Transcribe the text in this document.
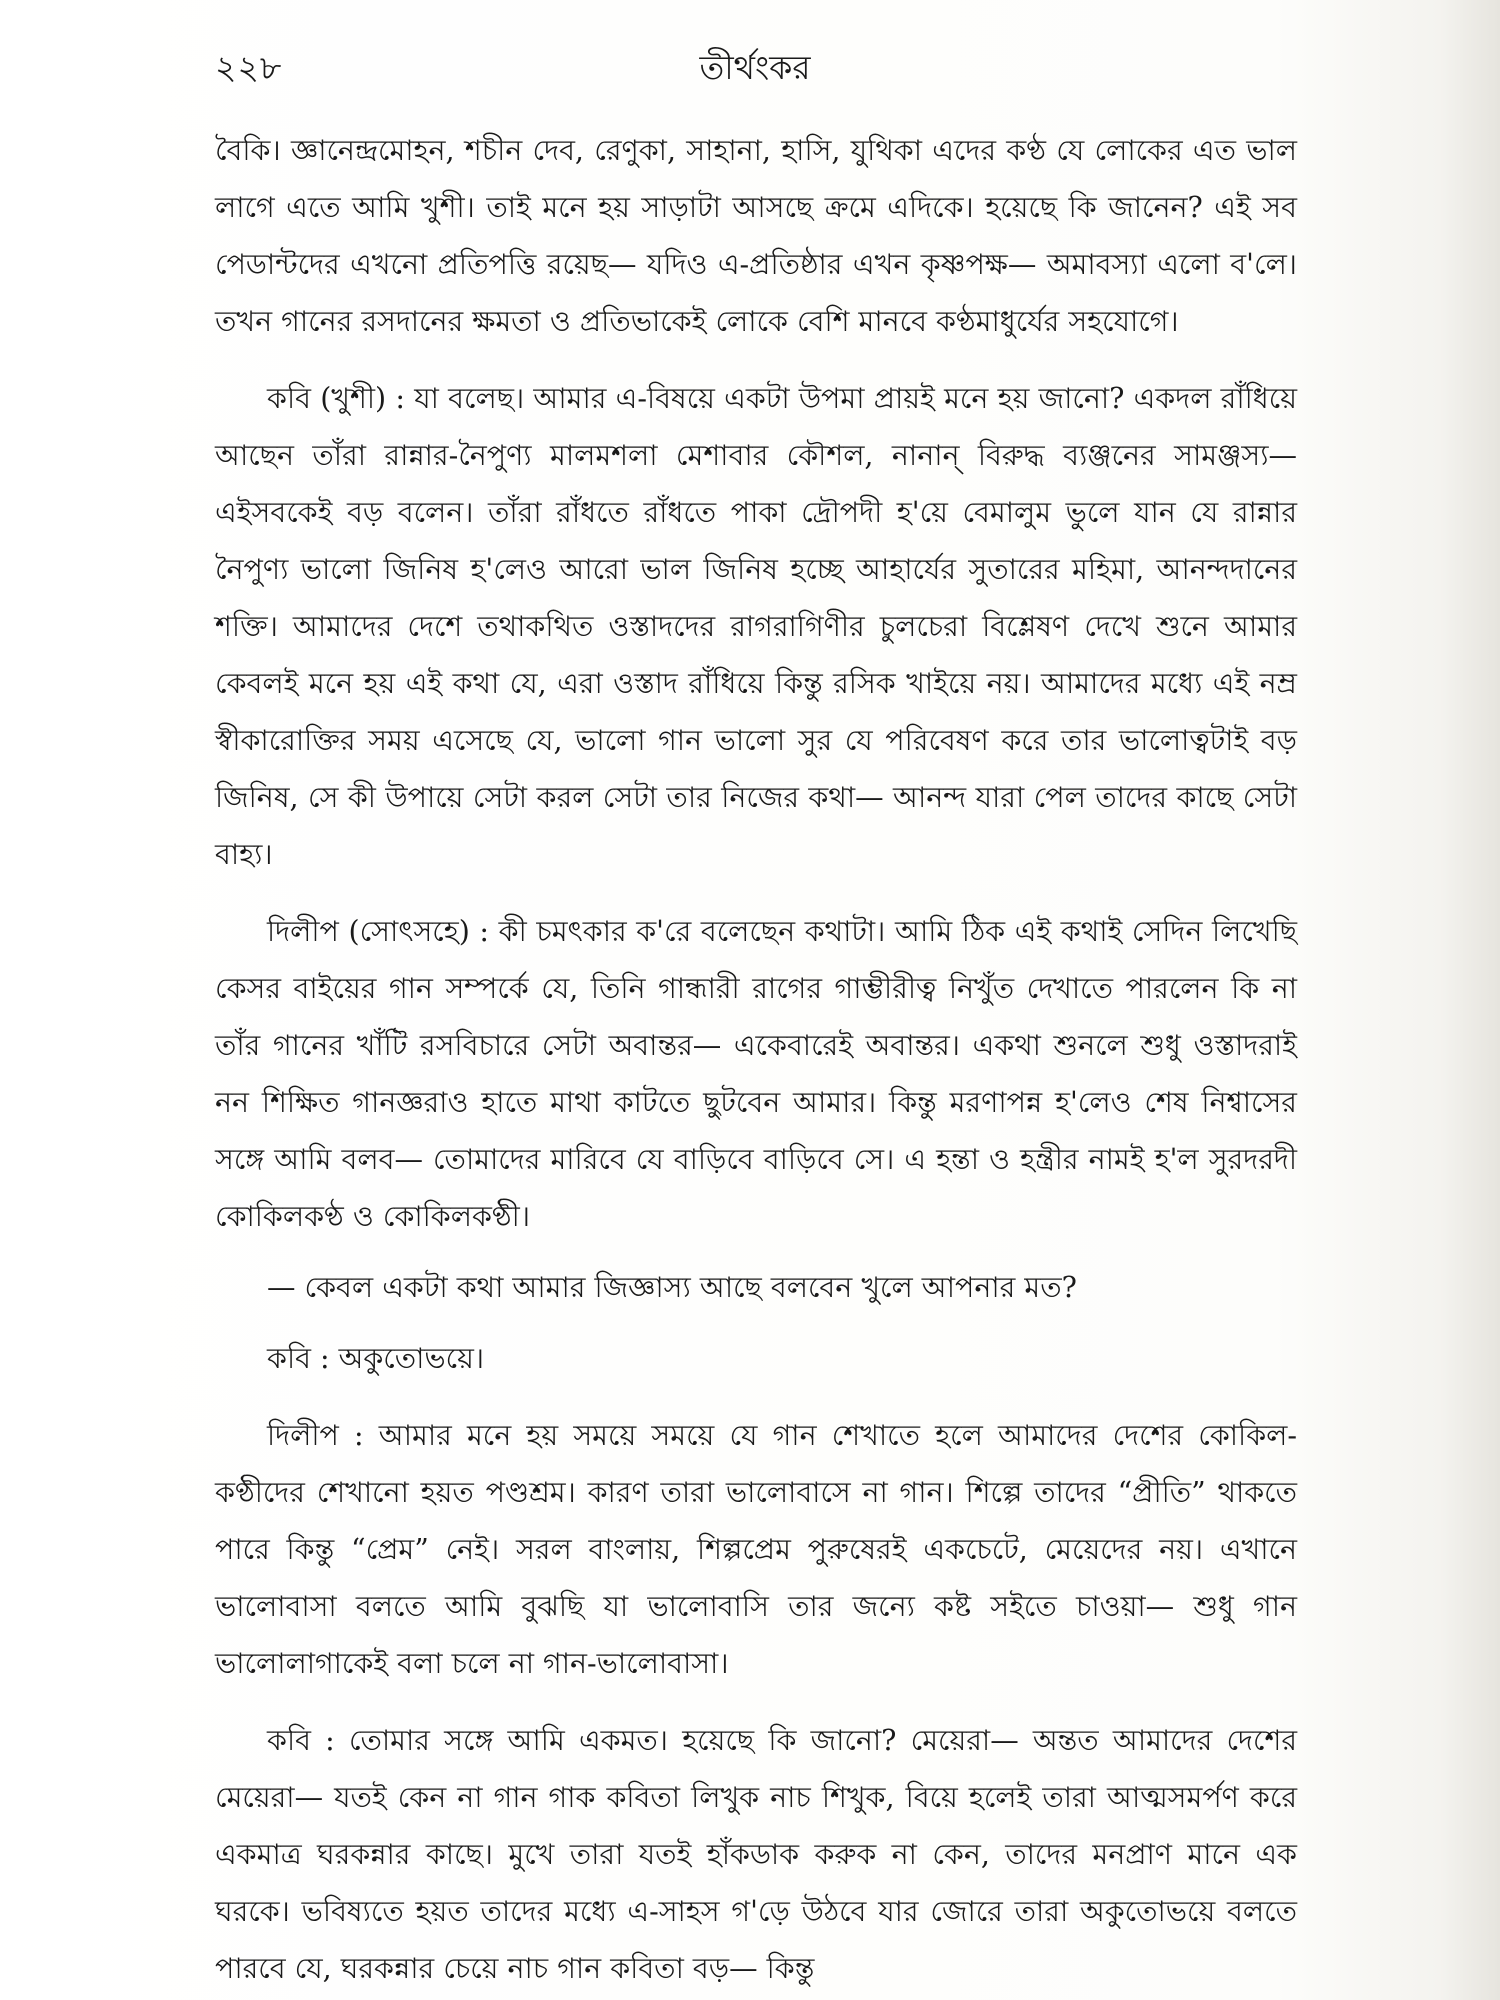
২২৮	তীর্থংকর

বৈকি। জ্ঞানেন্দ্রমোহন, শচীন দেব, রেণুকা, সাহানা, হাসি, যুথিকা এদের কণ্ঠ যে লোকের এত ভাল লাগে এতে আমি খুশী। তাই মনে হয় সাড়াটা আসছে ক্রমে এদিকে। হয়েছে কি জানেন? এই সব পেডান্টদের এখনো প্রতিপত্তি রয়েছ— যদিও এ-প্রতিষ্ঠার এখন কৃষ্ণপক্ষ— অমাবস্যা এলো ব'লে। তখন গানের রসদানের ক্ষমতা ও প্রতিভাকেই লোকে বেশি মানবে কণ্ঠমাধুর্যের সহযোগে।

কবি (খুশী) : যা বলেছ। আমার এ-বিষয়ে একটা উপমা প্রায়ই মনে হয় জানো? একদল রাঁধিয়ে আছেন তাঁরা রান্নার-নৈপুণ্য মালমশলা মেশাবার কৌশল, নানান্ বিরুদ্ধ ব্যঞ্জনের সামঞ্জস্য— এইসবকেই বড় বলেন। তাঁরা রাঁধতে রাঁধতে পাকা দ্রৌপদী হ'য়ে বেমালুম ভুলে যান যে রান্নার নৈপুণ্য ভালো জিনিষ হ'লেও আরো ভাল জিনিষ হচ্ছে আহার্যের সুতারের মহিমা, আনন্দদানের শক্তি। আমাদের দেশে তথাকথিত ওস্তাদদের রাগরাগিণীর চুলচেরা বিশ্লেষণ দেখে শুনে আমার কেবলই মনে হয় এই কথা যে, এরা ওস্তাদ রাঁধিয়ে কিন্তু রসিক খাইয়ে নয়। আমাদের মধ্যে এই নম্র স্বীকারোক্তির সময় এসেছে যে, ভালো গান ভালো সুর যে পরিবেষণ করে তার ভালোত্বটাই বড় জিনিষ, সে কী উপায়ে সেটা করল সেটা তার নিজের কথা— আনন্দ যারা পেল তাদের কাছে সেটা বাহ্য।

দিলীপ (সোৎসহে) : কী চমৎকার ক'রে বলেছেন কথাটা। আমি ঠিক এই কথাই সেদিন লিখেছি কেসর বাইয়ের গান সম্পর্কে যে, তিনি গান্ধারী রাগের গাম্ভীরীত্ব নিখুঁত দেখাতে পারলেন কি না তাঁর গানের খাঁটি রসবিচারে সেটা অবান্তর— একেবারেই অবান্তর। একথা শুনলে শুধু ওস্তাদরাই নন শিক্ষিত গানজ্ঞরাও হাতে মাথা কাটতে ছুটবেন আমার। কিন্তু মরণাপন্ন হ'লেও শেষ নিশ্বাসের সঙ্গে আমি বলব— তোমাদের মারিবে যে বাড়িবে বাড়িবে সে। এ হন্তা ও হন্ত্রীর নামই হ'ল সুরদরদী কোকিলকণ্ঠ ও কোকিলকণ্ঠী।

— কেবল একটা কথা আমার জিজ্ঞাস্য আছে বলবেন খুলে আপনার মত?

কবি : অকুতোভয়ে।

দিলীপ : আমার মনে হয় সময়ে সময়ে যে গান শেখাতে হলে আমাদের দেশের কোকিল-কণ্ঠীদের শেখানো হয়ত পণ্ডশ্রম। কারণ তারা ভালোবাসে না গান। শিল্পে তাদের “প্রীতি” থাকতে পারে কিন্তু “প্রেম” নেই। সরল বাংলায়, শিল্পপ্রেম পুরুষেরই একচেটে, মেয়েদের নয়। এখানে ভালোবাসা বলতে আমি বুঝছি যা ভালোবাসি তার জন্যে কষ্ট সইতে চাওয়া— শুধু গান ভালোলাগাকেই বলা চলে না গান-ভালোবাসা।

কবি : তোমার সঙ্গে আমি একমত। হয়েছে কি জানো? মেয়েরা— অন্তত আমাদের দেশের মেয়েরা— যতই কেন না গান গাক কবিতা লিখুক নাচ শিখুক, বিয়ে হলেই তারা আত্মসমর্পণ করে একমাত্র ঘরকন্নার কাছে। মুখে তারা যতই হাঁকডাক করুক না কেন, তাদের মনপ্রাণ মানে এক ঘরকে। ভবিষ্যতে হয়ত তাদের মধ্যে এ-সাহস গ'ড়ে উঠবে যার জোরে তারা অকুতোভয়ে বলতে পারবে যে, ঘরকন্নার চেয়ে নাচ গান কবিতা বড়— কিন্তু
